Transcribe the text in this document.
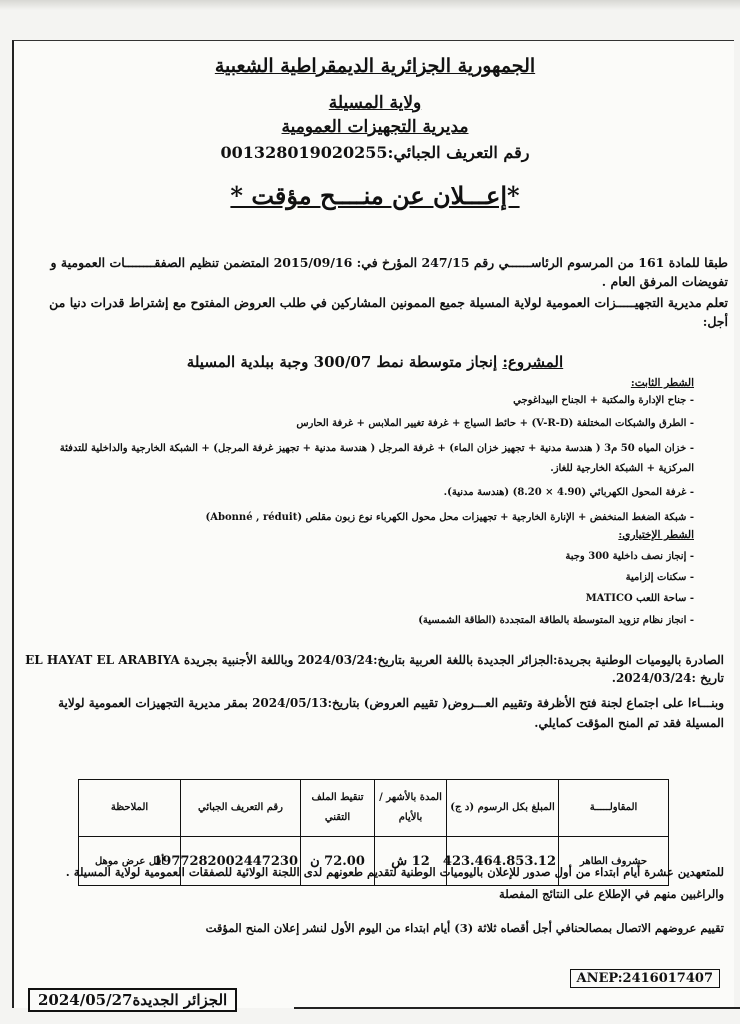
الجمهورية الجزائرية الديمقراطية الشعبية
ولاية المسيلة
مديرية التجهيزات العمومية
رقم التعريف الجبائي:001328019020255
*إعـــلان عن منــــح مؤقت *
طبقا للمادة 161 من المرسوم الرئاســــــي رقم 247/15 المؤرخ في: 2015/09/16 المتضمن تنظيم الصفقــــــــات العمومية و تفويضات المرفق العام .
تعلم مديرية التجهيـــــزات العمومية لولاية المسيلة جميع الممونين المشاركين في طلب العروض المفتوح مع إشتراط قدرات دنيا من أجل:
المشروع: إنجاز متوسطة نمط 300/07 وجبة ببلدية المسيلة
الشطر الثابت:
- جناح الإدارة والمكتبة + الجناح البيداغوجي
- الطرق والشبكات المختلفة (V-R-D) + حائط السياج + غرفة تغيير الملابس + غرفة الحارس
- خزان المياه 50 م3 ( هندسة مدنية + تجهيز خزان الماء) + غرفة المرجل ( هندسة مدنية + تجهيز غرفة المرجل) + الشبكة الخارجية والداخلية للتدفئة المركزية + الشبكة الخارجية للغاز.
- غرفة المحول الكهربائي (4.90 × 8.20) (هندسة مدنية).
- شبكة الضغط المنخفض + الإنارة الخارجية + تجهيزات محل محول الكهرباء نوع زبون مقلص (Abonné , réduit)
الشطر الإختياري:
- إنجاز نصف داخلية 300 وجبة
- سكنات إلزامية
- ساحة اللعب MATICO
- انجاز نظام تزويد المتوسطة بالطاقة المتجددة (الطاقة الشمسية)
الصادرة باليوميات الوطنية بجريدة:الجزائر الجديدة باللغة العربية بتاريخ:2024/03/24 وباللغة الأجنبية بجريدة EL HAYAT EL ARABIYA تاريخ :2024/03/24.
وبنـــاءا على اجتماع لجنة فتح الأظرفة وتقييم العـــروض( تقييم العروض) بتاريخ:2024/05/13 بمقر مديرية التجهيزات العمومية لولاية المسيلة فقد تم المنح المؤقت كمايلي.
المقاولـــــة	المبلغ بكل الرسوم (د ج)	المدة بالأشهر / بالأيام	تنقيط الملف التقني	رقم التعريف الجبائي	الملاحظة
حشروف الطاهر	423.464.853.12	12 ش	72.00 ن	1977282002447230	أقل عرض موهل
للمتعهدين عشرة أيام ابتداء من أول صدور للإعلان باليوميات الوطنية لتقديم طعونهم لدى اللجنة الولائية للصفقات العمومية لولاية المسيلة . والراغبين منهم في الإطلاع على النتائج المفصلة
تقييم عروضهم الاتصال بمصالحنافي أجل أقصاه ثلاثة (3) أيام ابتداء من اليوم الأول لنشر إعلان المنح المؤقت
ANEP:2416017407
الجزائر الجديدة2024/05/27
